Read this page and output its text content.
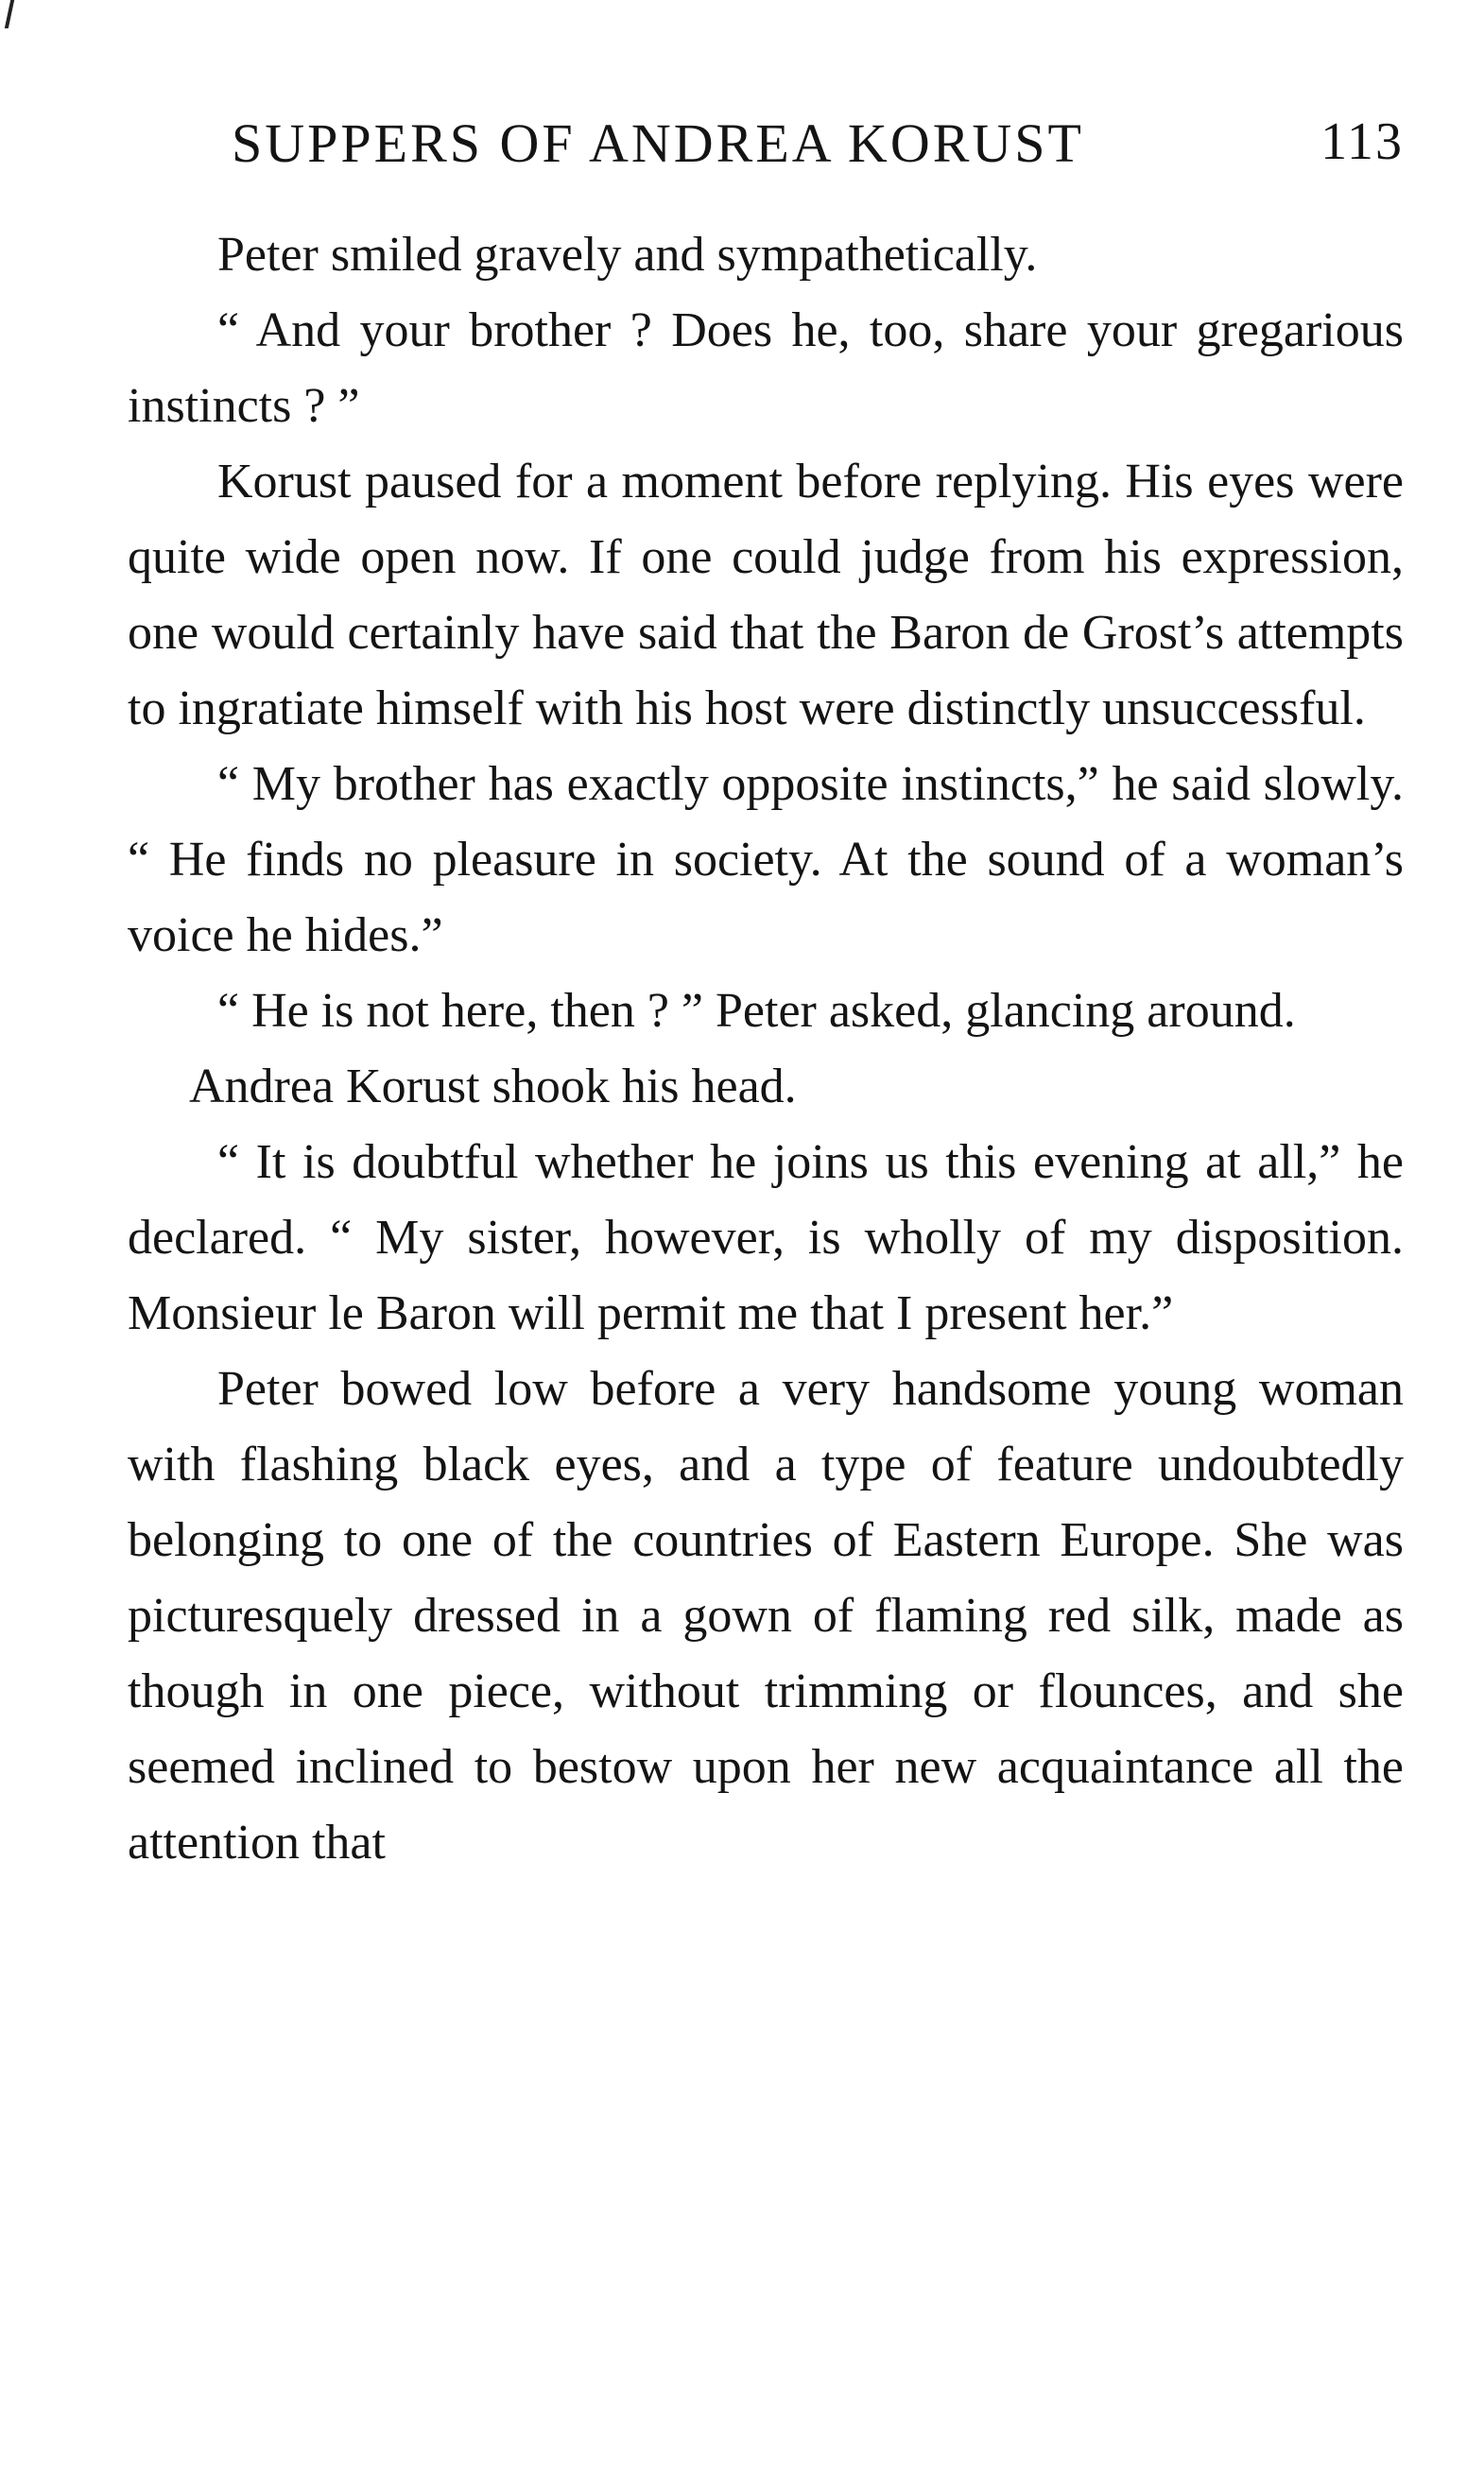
SUPPERS OF ANDREA KORUST	113

Peter smiled gravely and sympathetically.

“ And your brother ? Does he, too, share your gregarious instincts ? ”

Korust paused for a moment before replying. His eyes were quite wide open now. If one could judge from his expression, one would certainly have said that the Baron de Grost’s attempts to ingratiate himself with his host were distinctly unsuccessful.

“ My brother has exactly opposite instincts,” he said slowly. “ He finds no pleasure in society. At the sound of a woman’s voice he hides.”

“ He is not here, then ? ” Peter asked, glancing around.

Andrea Korust shook his head.

“ It is doubtful whether he joins us this evening at all,” he declared. “ My sister, however, is wholly of my disposition. Monsieur le Baron will permit me that I present her.”

Peter bowed low before a very handsome young woman with flashing black eyes, and a type of feature undoubtedly belonging to one of the countries of Eastern Europe. She was picturesquely dressed in a gown of flaming red silk, made as though in one piece, without trimming or flounces, and she seemed inclined to bestow upon her new acquaintance all the attention that
